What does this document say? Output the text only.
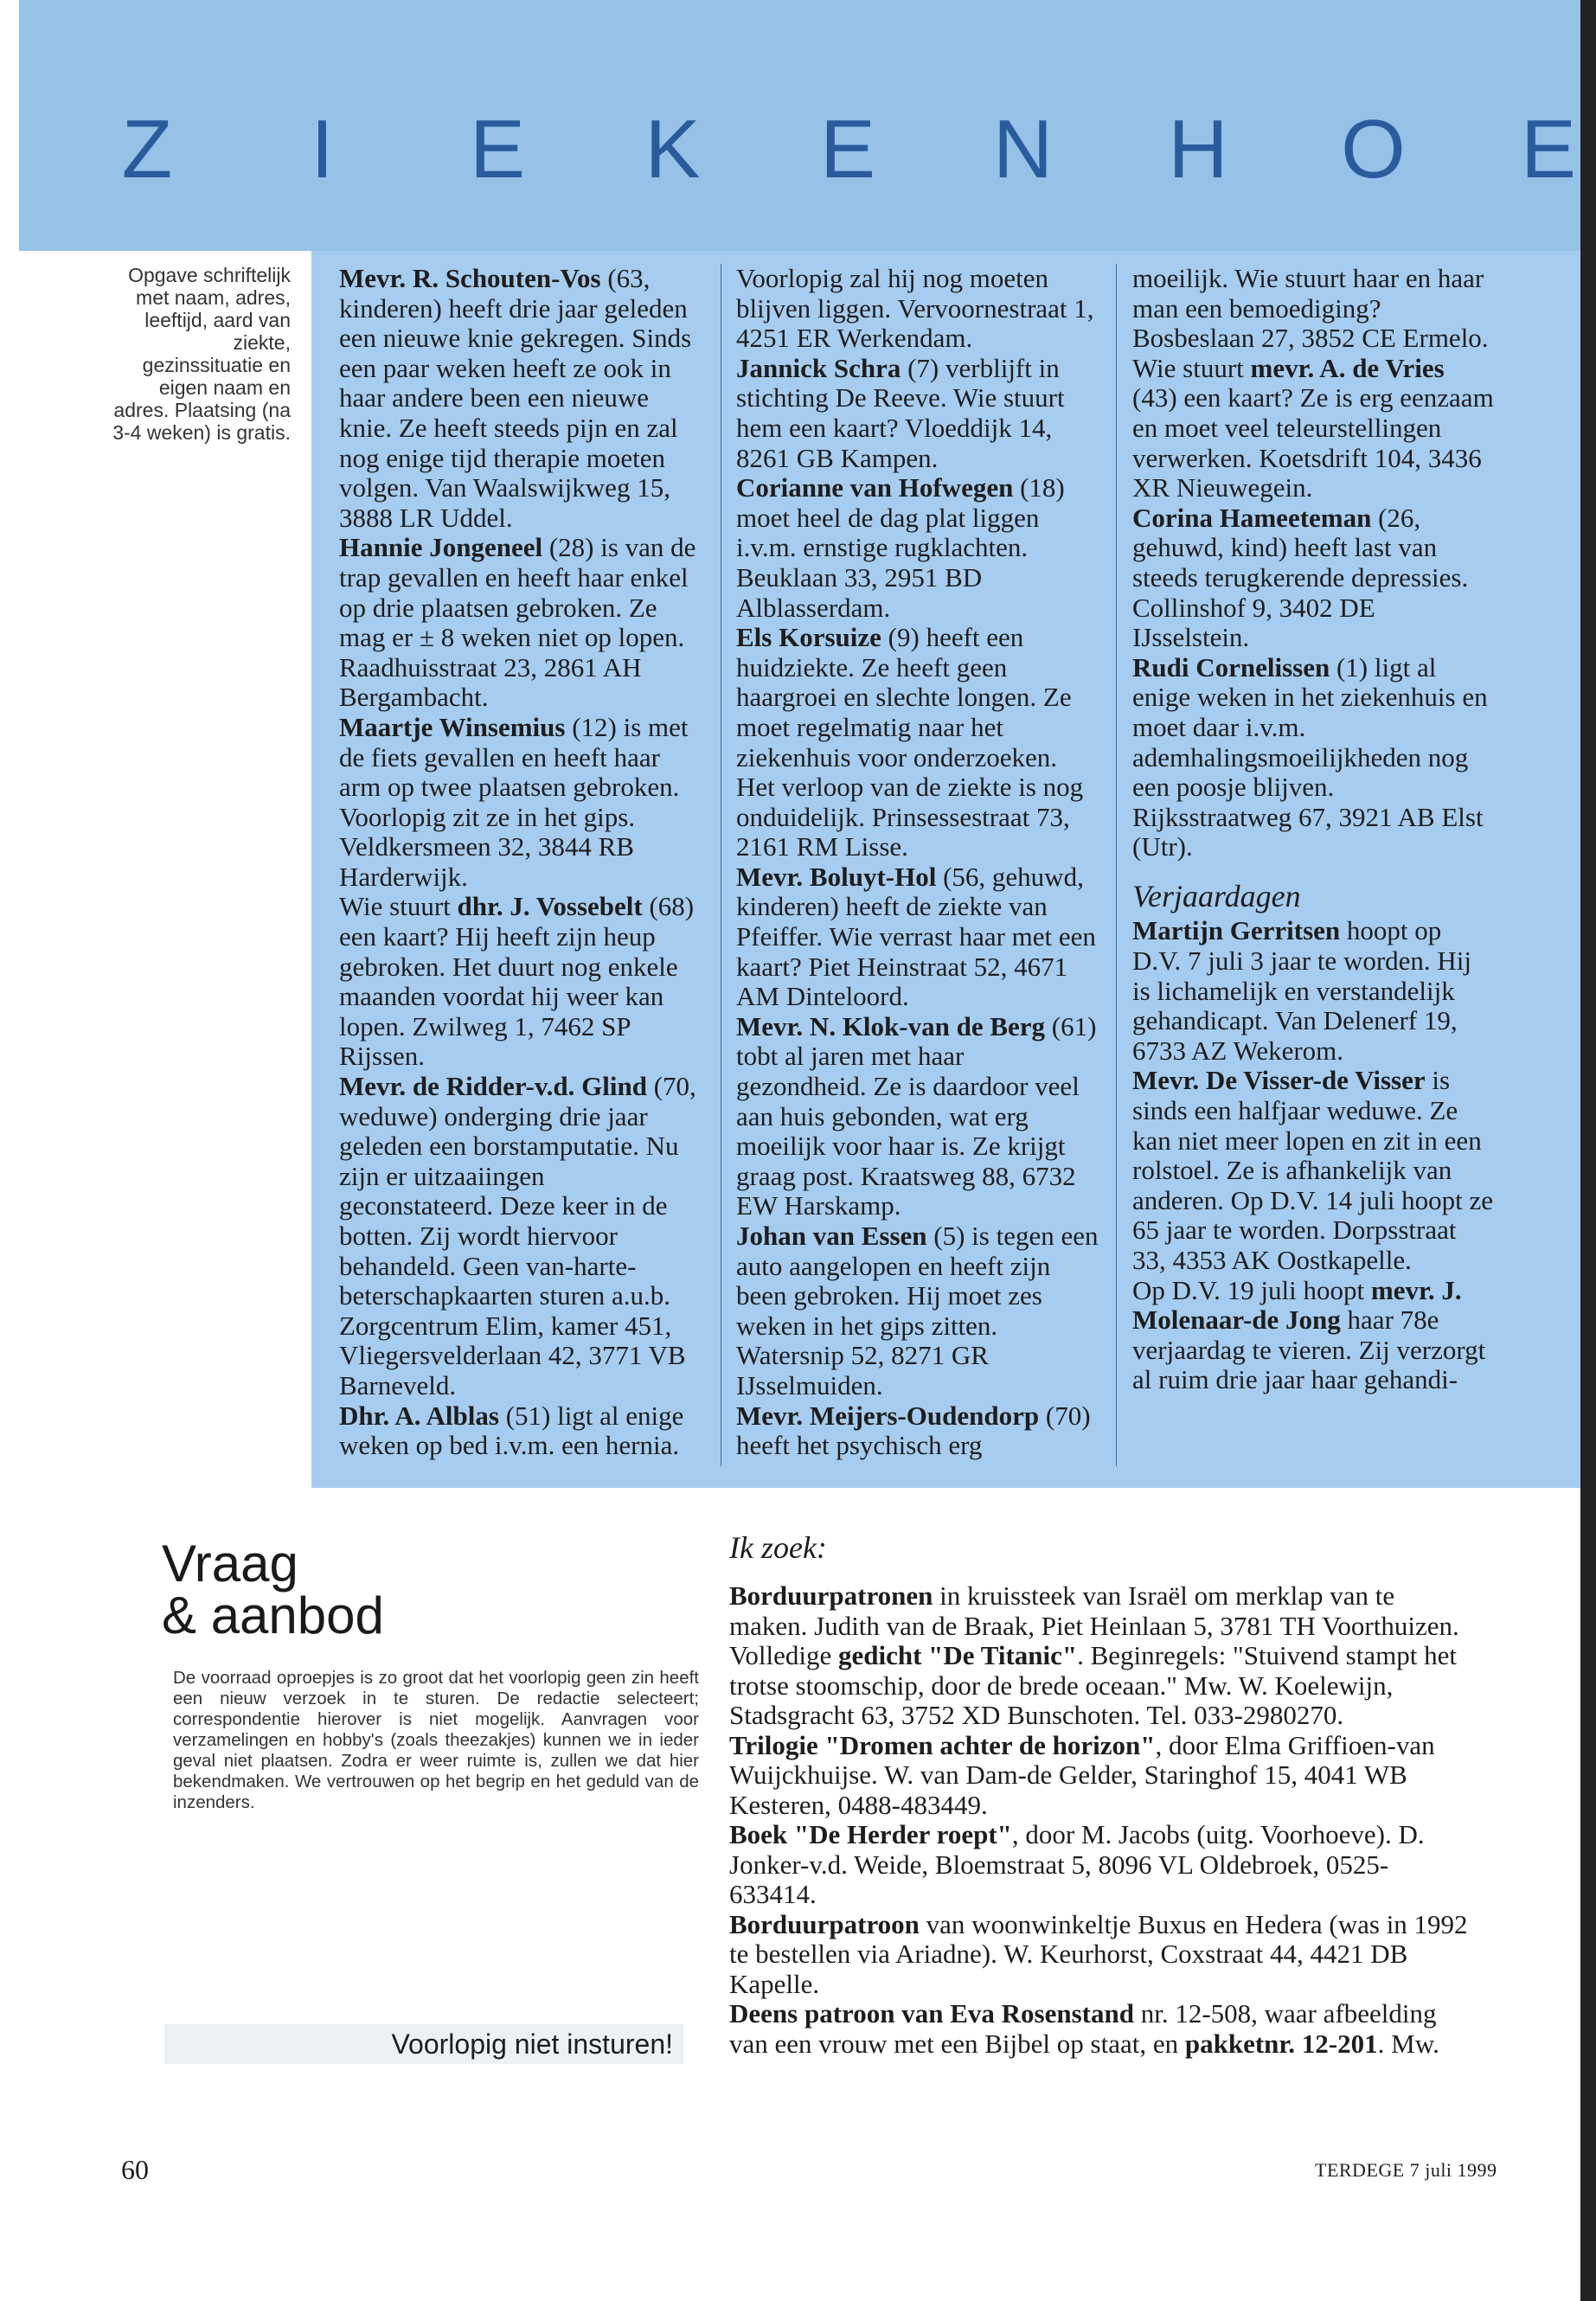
Z	I	E K E N H O E
Opgave schriftelijk met naam, adres, leeftijd, aard van ziekte, gezinssituatie en eigen naam en adres. Plaatsing (na 3-4 weken) is gratis.

Mevr. R. Schouten-Vos (63, kinderen) heeft drie jaar geleden een nieuwe knie gekregen. Sinds een paar weken heeft ze ook in haar andere been een nieuwe knie. Ze heeft steeds pijn en zal nog enige tijd therapie moeten volgen. Van Waalswijkweg 15, 3888 LR Uddel.

Hannie Jongeneel (28) is van de trap gevallen en heeft haar enkel op drie plaatsen gebroken. Ze mag er ± 8 weken niet op lopen. Raadhuisstraat 23, 2861 AH Bergambacht.

Maartje Winsemius (12) is met de fiets gevallen en heeft haar arm op twee plaatsen gebroken. Voorlopig zit ze in het gips. Veldkersmeen 32, 3844 RB Harderwijk.

Wie stuurt dhr. J. Vossebelt (68) een kaart? Hij heeft zijn heup gebroken. Het duurt nog enkele maanden voordat hij weer kan lopen. Zwilweg 1, 7462 SP Rijssen.

Mevr. de Ridder-v.d. Glind (70, weduwe) onderging drie jaar geleden een borstamputatie. Nu zijn er uitzaaiingen geconstateerd. Deze keer in de botten. Zij wordt hiervoor behandeld. Geen van-harte-beterschapkaarten sturen a.u.b. Zorgcentrum Elim, kamer 451, Vliegersvelderlaan 42, 3771 VB Barneveld.

Dhr. A. Alblas (51) ligt al enige weken op bed i.v.m. een hernia.

Voorlopig zal hij nog moeten blijven liggen. Vervoornestraat 1, 4251 ER Werkendam.

Jannick Schra (7) verblijft in stichting De Reeve. Wie stuurt hem een kaart? Vloeddijk 14, 8261 GB Kampen.

Corianne van Hofwegen (18) moet heel de dag plat liggen i.v.m. ernstige rugklachten. Beuklaan 33, 2951 BD Alblasserdam.

Els Korsuize (9) heeft een huidziekte. Ze heeft geen haargroei en slechte longen. Ze moet regelmatig naar het ziekenhuis voor onderzoeken. Het verloop van de ziekte is nog onduidelijk. Prinsessestraat 73, 2161 RM Lisse.

Mevr. Boluyt-Hol (56, gehuwd, kinderen) heeft de ziekte van Pfeiffer. Wie verrast haar met een kaart? Piet Heinstraat 52, 4671 AM Dinteloord.

Mevr. N. Klok-van de Berg (61) tobt al jaren met haar gezondheid. Ze is daardoor veel aan huis gebonden, wat erg moeilijk voor haar is. Ze krijgt graag post. Kraatsweg 88, 6732 EW Harskamp.

Johan van Essen (5) is tegen een auto aangelopen en heeft zijn been gebroken. Hij moet zes weken in het gips zitten. Watersnip 52, 8271 GR IJsselmuiden.

Mevr. Meijers-Oudendorp (70) heeft het psychisch erg

moeilijk. Wie stuurt haar en haar man een bemoediging? Bosbeslaan 27, 3852 CE Ermelo.

Wie stuurt mevr. A. de Vries (43) een kaart? Ze is erg eenzaam en moet veel teleurstellingen verwerken. Koetsdrift 104, 3436 XR Nieuwegein.

Corina Hameeteman (26, gehuwd, kind) heeft last van steeds terugkerende depressies. Collinshof 9, 3402 DE IJsselstein.

Rudi Cornelissen (1) ligt al enige weken in het ziekenhuis en moet daar i.v.m. ademhalingsmoeilijkheden nog een poosje blijven. Rijksstraatweg 67, 3921 AB Elst (Utr).

Verjaardagen

Martijn Gerritsen hoopt op D.V. 7 juli 3 jaar te worden. Hij is lichamelijk en verstandelijk gehandicapt. Van Delenerf 19, 6733 AZ Wekerom.

Mevr. De Visser-de Visser is sinds een halfjaar weduwe. Ze kan niet meer lopen en zit in een rolstoel. Ze is afhankelijk van anderen. Op D.V. 14 juli hoopt ze 65 jaar te worden. Dorpsstraat 33, 4353 AK Oostkapelle.

Op D.V. 19 juli hoopt mevr. J. Molenaar-de Jong haar 78e verjaardag te vieren. Zij verzorgt al ruim drie jaar haar gehandi-

Vraag
& aanbod
De voorraad oproepjes is zo groot dat het voorlopig geen zin heeft een nieuw verzoek in te sturen. De redactie selecteert; correspondentie hierover is niet mogelijk. Aanvragen voor verzamelingen en hobby's (zoals theezakjes) kunnen we in ieder geval niet plaatsen. Zodra er weer ruimte is, zullen we dat hier bekendmaken. We vertrouwen op het begrip en het geduld van de inzenders.
Voorlopig niet insturen!
Ik zoek:

Borduurpatronen in kruissteek van Israël om merklap van te maken. Judith van de Braak, Piet Heinlaan 5, 3781 TH Voorthuizen.

Volledige gedicht "De Titanic". Beginregels: "Stuivend stampt het trotse stoomschip, door de brede oceaan." Mw. W. Koelewijn, Stadsgracht 63, 3752 XD Bunschoten. Tel. 033-2980270.

Trilogie "Dromen achter de horizon", door Elma Griffioen-van Wuijckhuijse. W. van Dam-de Gelder, Staringhof 15, 4041 WB Kesteren, 0488-483449.

Boek "De Herder roept", door M. Jacobs (uitg. Voorhoeve). D. Jonker-v.d. Weide, Bloemstraat 5, 8096 VL Oldebroek, 0525-633414.

Borduurpatroon van woonwinkeltje Buxus en Hedera (was in 1992 te bestellen via Ariadne). W. Keurhorst, Coxstraat 44, 4421 DB Kapelle.

Deens patroon van Eva Rosenstand nr. 12-508, waar afbeelding van een vrouw met een Bijbel op staat, en pakketnr. 12-201. Mw.

60	TERDEGE 7 juli 1999
